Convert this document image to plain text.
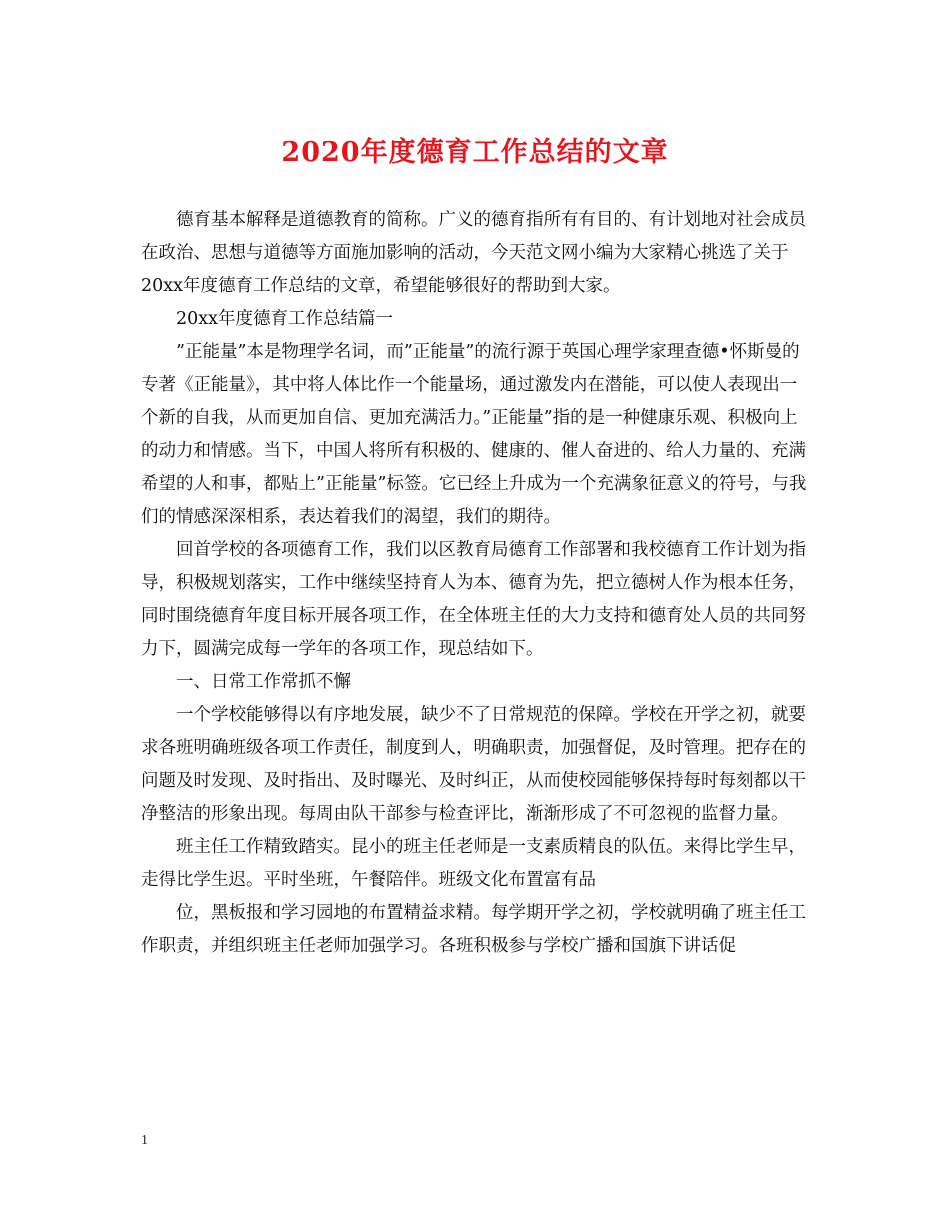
2020年度德育工作总结的文章

德育基本解释是道德教育的简称。广义的德育指所有有目的、有计划地对社会成员在政治、思想与道德等方面施加影响的活动，今天范文网小编为大家精心挑选了关于20xx年度德育工作总结的文章，希望能够很好的帮助到大家。

20xx年度德育工作总结篇一

”正能量”本是物理学名词，而”正能量”的流行源于英国心理学家理查德•怀斯曼的专著《正能量》，其中将人体比作一个能量场，通过激发内在潜能，可以使人表现出一个新的自我，从而更加自信、更加充满活力。”正能量”指的是一种健康乐观、积极向上的动力和情感。当下，中国人将所有积极的、健康的、催人奋进的、给人力量的、充满希望的人和事，都贴上”正能量”标签。它已经上升成为一个充满象征意义的符号，与我们的情感深深相系，表达着我们的渴望，我们的期待。

回首学校的各项德育工作，我们以区教育局德育工作部署和我校德育工作计划为指导，积极规划落实，工作中继续坚持育人为本、德育为先，把立德树人作为根本任务，同时围绕德育年度目标开展各项工作，在全体班主任的大力支持和德育处人员的共同努力下，圆满完成每一学年的各项工作，现总结如下。

一、日常工作常抓不懈

一个学校能够得以有序地发展，缺少不了日常规范的保障。学校在开学之初，就要求各班明确班级各项工作责任，制度到人，明确职责，加强督促，及时管理。把存在的问题及时发现、及时指出、及时曝光、及时纠正，从而使校园能够保持每时每刻都以干净整洁的形象出现。每周由队干部参与检查评比，渐渐形成了不可忽视的监督力量。

班主任工作精致踏实。昆小的班主任老师是一支素质精良的队伍。来得比学生早，走得比学生迟。平时坐班，午餐陪伴。班级文化布置富有品

位，黑板报和学习园地的布置精益求精。每学期开学之初，学校就明确了班主任工作职责，并组织班主任老师加强学习。各班积极参与学校广播和国旗下讲话促

1
